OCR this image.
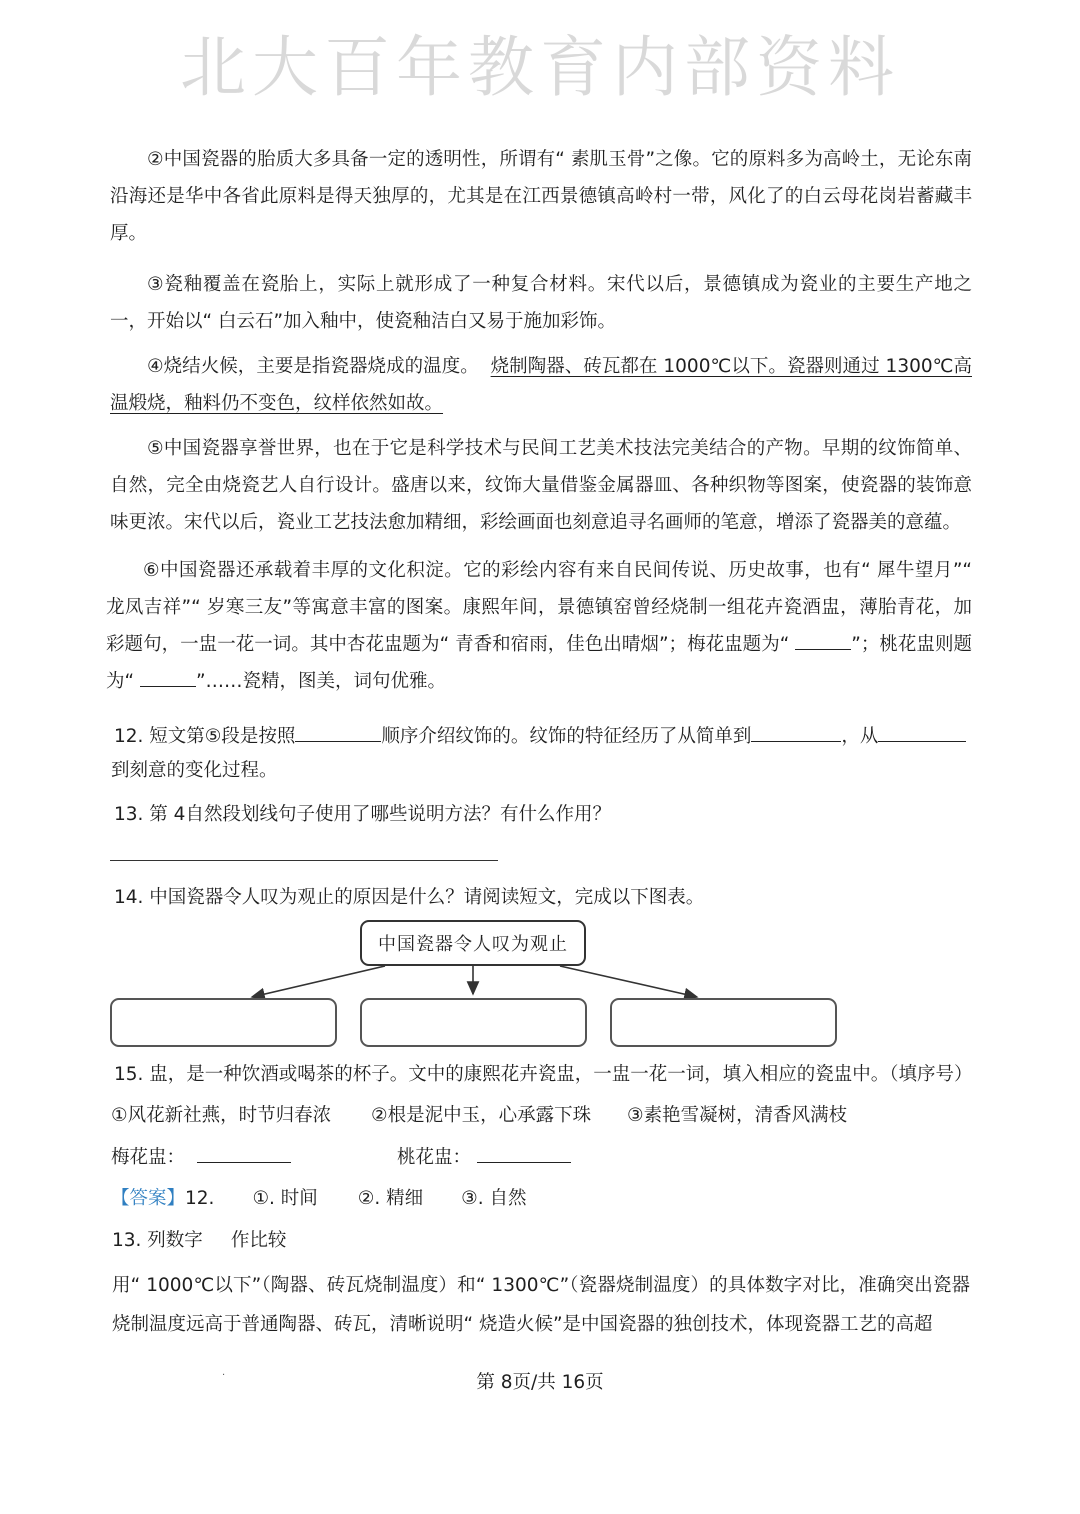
北大百年教育内部资料
②中国瓷器的胎质大多具备一定的透明性，所谓有“ 素肌玉骨”之像。它的原料多为高岭土，无论东南沿海还是华中各省此原料是得天独厚的，尤其是在江西景德镇高岭村一带，风化了的白云母花岗岩蓄藏丰厚。
③瓷釉覆盖在瓷胎上，实际上就形成了一种复合材料。宋代以后，景德镇成为瓷业的主要生产地之一，开始以“ 白云石”加入釉中，使瓷釉洁白又易于施加彩饰。
④烧结火候，主要是指瓷器烧成的温度。 烧制陶器、砖瓦都在 1000℃以下。瓷器则通过 1300℃高温煅烧，釉料仍不变色，纹样依然如故。
⑤中国瓷器享誉世界，也在于它是科学技术与民间工艺美术技法完美结合的产物。早期的纹饰简单、自然，完全由烧瓷艺人自行设计。盛唐以来，纹饰大量借鉴金属器皿、各种织物等图案，使瓷器的装饰意味更浓。宋代以后，瓷业工艺技法愈加精细，彩绘画面也刻意追寻名画师的笔意，增添了瓷器美的意蕴。
⑥中国瓷器还承载着丰厚的文化积淀。它的彩绘内容有来自民间传说、历史故事，也有“ 犀牛望月”“ 龙凤吉祥”“ 岁寒三友”等寓意丰富的图案。康熙年间，景德镇窑曾经烧制一组花卉瓷酒盅，薄胎青花，加彩题句，一盅一花一词。其中杏花盅题为“ 青香和宿雨，佳色出晴烟”；梅花盅题为“	”；桃花盅则题为“	”……瓷精，图美，词句优雅。
12. 短文第⑤段是按照	顺序介绍纹饰的。纹饰的特征经历了从简单到	，从
到刻意的变化过程。
13. 第 4自然段划线句子使用了哪些说明方法？有什么作用？
14. 中国瓷器令人叹为观止的原因是什么？请阅读短文，完成以下图表。
中国瓷器令人叹为观止
15. 盅，是一种饮酒或喝茶的杯子。文中的康熙花卉瓷盅，一盅一花一词，填入相应的瓷盅中。（填序号）
①风花新社燕，时节归春浓 ②根是泥中玉，心承露下珠 ③素艳雪凝树，清香风满枝
梅花盅：	桃花盅：
【答案】12. ①. 时间 ②. 精细 ③. 自然
13. 列数字 作比较
用“ 1000℃以下”（陶器、砖瓦烧制温度）和“ 1300℃”（瓷器烧制温度）的具体数字对比，准确突出瓷器烧制温度远高于普通陶器、砖瓦，清晰说明“ 烧造火候”是中国瓷器的独创技术，体现瓷器工艺的高超
·	第 8页/共 16页
